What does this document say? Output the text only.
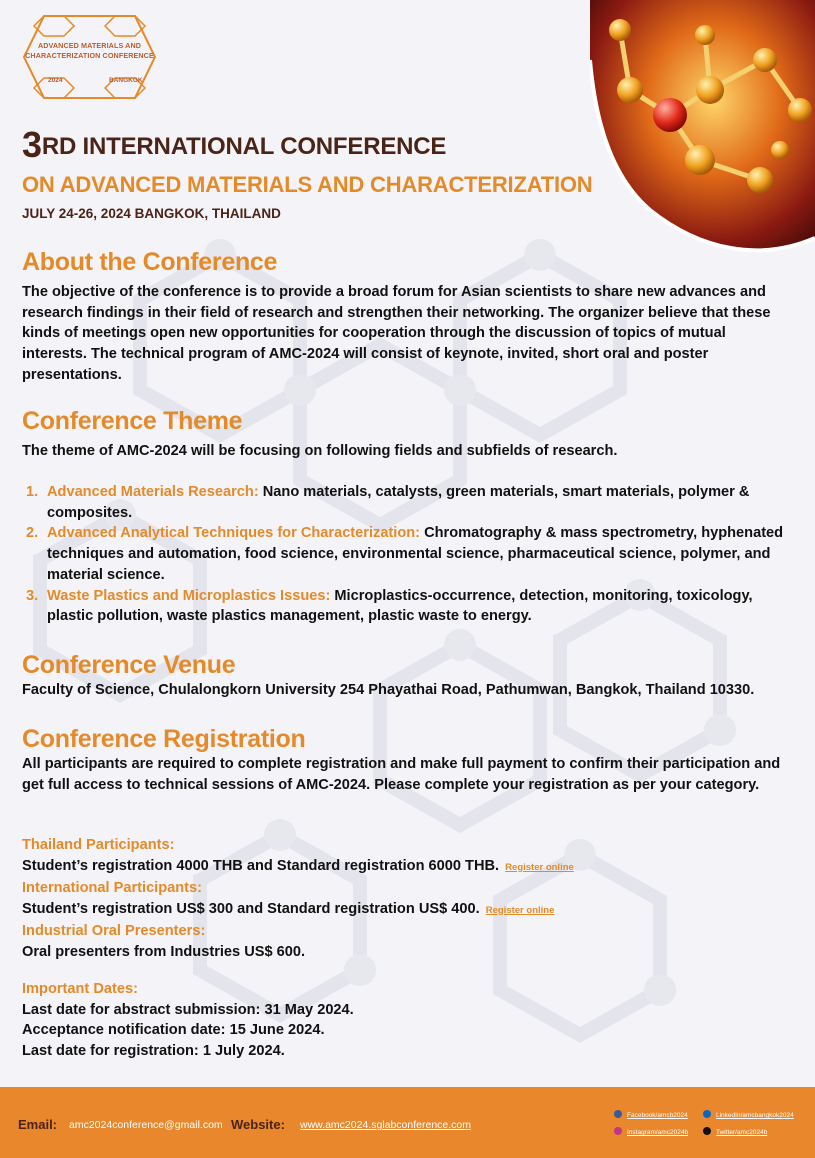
ADVANCED MATERIALS AND
CHARACTERIZATION CONFERENCE
2024	BANGKOK
3RD INTERNATIONAL CONFERENCE
ON ADVANCED MATERIALS AND CHARACTERIZATION
JULY 24-26, 2024 BANGKOK, THAILAND
About the Conference

The objective of the conference is to provide a broad forum for Asian scientists to share new advances and research findings in their field of research and strengthen their networking. The organizer believe that these kinds of meetings open new opportunities for cooperation through the discussion of topics of mutual interests. The technical program of AMC-2024 will consist of keynote, invited, short oral and poster presentations.

Conference Theme

The theme of AMC-2024 will be focusing on following fields and subfields of research.

1. Advanced Materials Research: Nano materials, catalysts, green materials, smart materials, polymer & composites.
2. Advanced Analytical Techniques for Characterization: Chromatography & mass spectrometry, hyphenated techniques and automation, food science, environmental science, pharmaceutical science, polymer, and material science.
3. Waste Plastics and Microplastics Issues: Microplastics-occurrence, detection, monitoring, toxicology, plastic pollution, waste plastics management, plastic waste to energy.
Conference Venue

Faculty of Science, Chulalongkorn University 254 Phayathai Road, Pathumwan, Bangkok, Thailand 10330.

Conference Registration

All participants are required to complete registration and make full payment to confirm their participation and get full access to technical sessions of AMC-2024. Please complete your registration as per your category.

Thailand Participants:
Student’s registration 4000 THB and Standard registration 6000 THB. Register online
International Participants:
Student’s registration US$ 300 and Standard registration US$ 400. Register online
Industrial Oral Presenters:
Oral presenters from Industries US$ 600.
Important Dates:
Last date for abstract submission: 31 May 2024.
Acceptance notification date: 15 June 2024.
Last date for registration: 1 July 2024.
Email: amc2024conference@gmail.com Website: www.amc2024.sglabconference.com
Facebook/amcb2024
Instagram/amc2024b
LinkedIn/amcbangkok2024
Twitter/amc2024b
